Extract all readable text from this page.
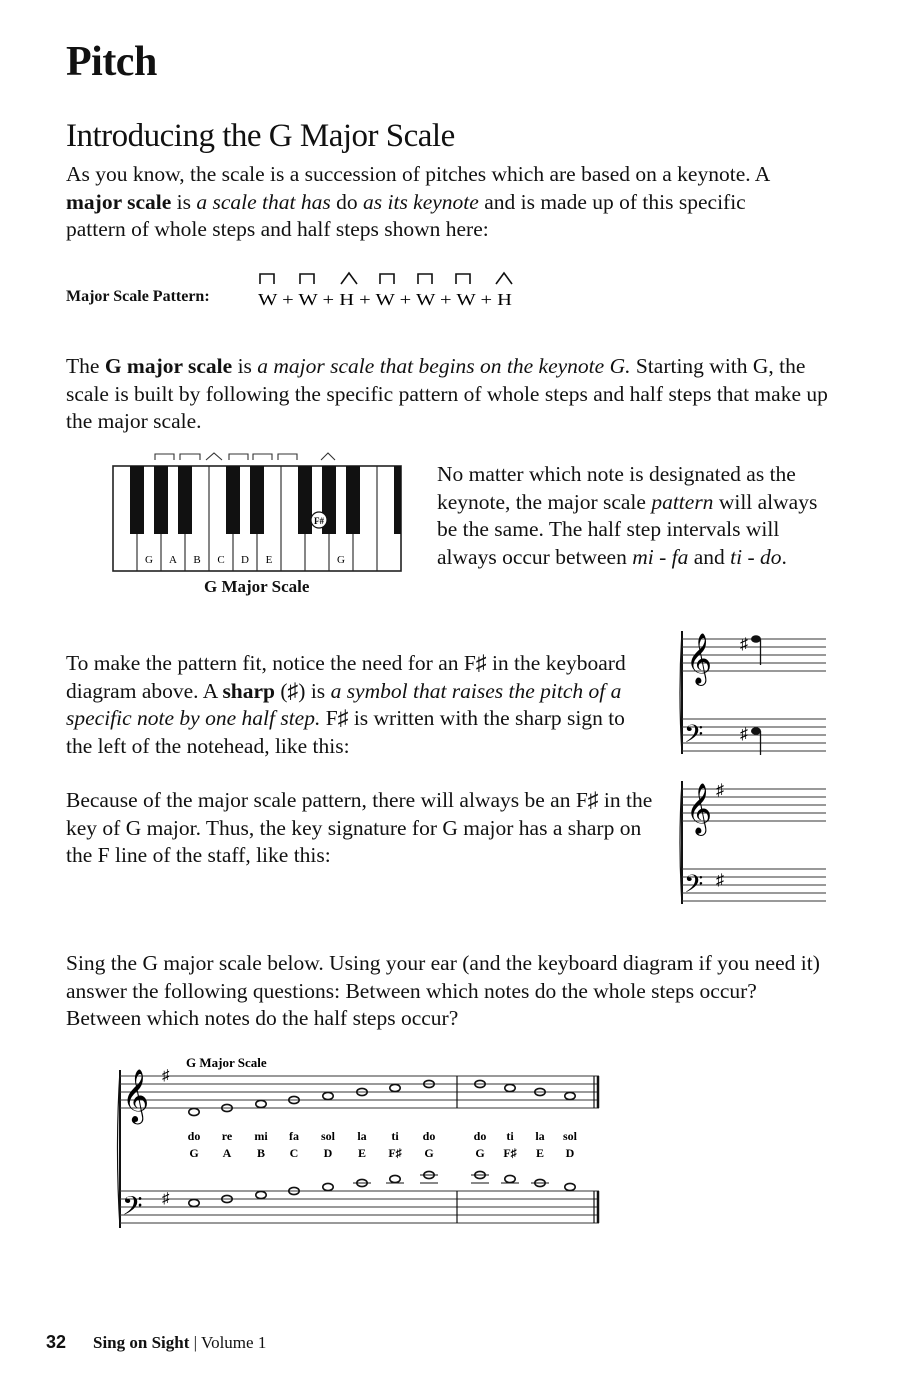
Pitch
Introducing the G Major Scale

As you know, the scale is a succession of pitches which are based on a keynote. A major scale is a scale that has do as its keynote and is made up of this specific pattern of whole steps and half steps shown here:

Major Scale Pattern:	W + W + H + W + W + W + H

The G major scale is a major scale that begins on the keynote G. Starting with G, the scale is built by following the specific pattern of whole steps and half steps that make up the major scale.

F#
G A B C D E	G
G Major Scale

No matter which note is designated as the keynote, the major scale pattern will always be the same. The half step intervals will always occur between mi - fa and ti - do.

To make the pattern fit, notice the need for an F♯ in the keyboard diagram above. A sharp (♯) is a symbol that raises the pitch of a specific note by one half step. F♯ is written with the sharp sign to the left of the notehead, like this:

𝄞
𝄢
♯
♯

Because of the major scale pattern, there will always be an F♯ in the key of G major. Thus, the key signature for G major has a sharp on the F line of the staff, like this:

𝄞
𝄢
♯
♯

Sing the G major scale below. Using your ear (and the keyboard diagram if you need it) answer the following questions: Between which notes do the whole steps occur? Between which notes do the half steps occur?

G Major Scale
𝄞
𝄢
♯
♯
do re mi fa sol la ti do	do ti la sol
G A B C D E F♯ G	G F♯ E D
32 Sing on Sight | Volume 1
